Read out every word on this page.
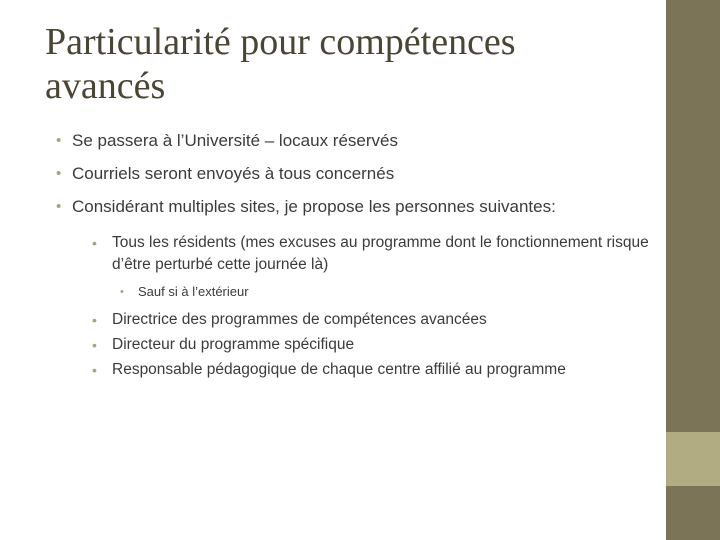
Particularité pour compétences avancés
• Se passera à l’Université – locaux réservés
• Courriels seront envoyés à tous concernés
• Considérant multiples sites, je propose les personnes suivantes:
• Tous les résidents (mes excuses au programme dont le fonctionnement risque d’être perturbé cette journée là)
• Sauf si à l’extérieur
• Directrice des programmes de compétences avancées
• Directeur du programme spécifique
• Responsable pédagogique de chaque centre affilié au programme
